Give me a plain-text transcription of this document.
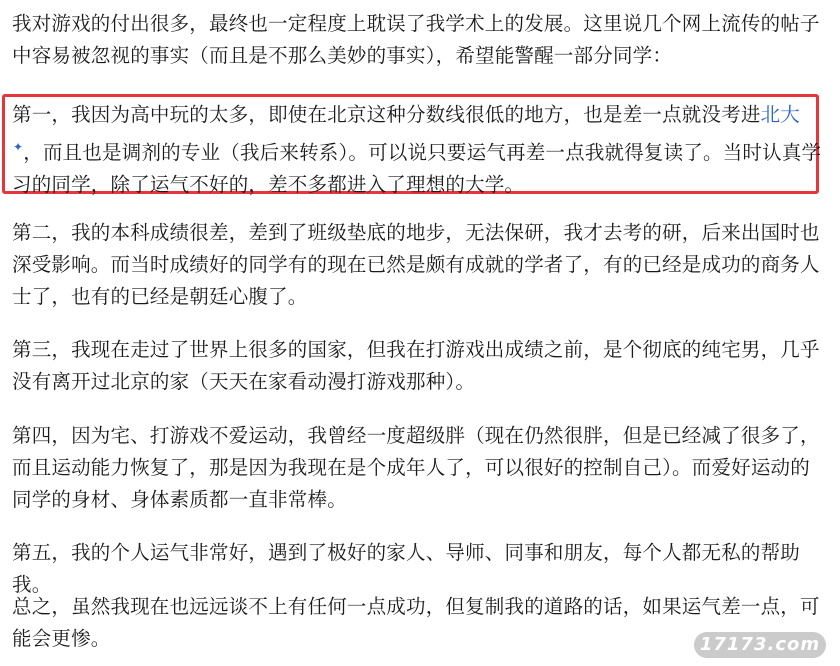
我对游戏的付出很多，最终也一定程度上耽误了我学术上的发展。这里说几个网上流传的帖子中容易被忽视的事实（而且是不那么美妙的事实），希望能警醒一部分同学：

第一，我因为高中玩的太多，即使在北京这种分数线很低的地方，也是差一点就没考进北大✦，而且也是调剂的专业（我后来转系）。可以说只要运气再差一点我就得复读了。当时认真学习的同学，除了运气不好的，差不多都进入了理想的大学。

第二，我的本科成绩很差，差到了班级垫底的地步，无法保研，我才去考的研，后来出国时也深受影响。而当时成绩好的同学有的现在已然是颇有成就的学者了，有的已经是成功的商务人士了，也有的已经是朝廷心腹了。

第三，我现在走过了世界上很多的国家，但我在打游戏出成绩之前，是个彻底的纯宅男，几乎没有离开过北京的家（天天在家看动漫打游戏那种）。

第四，因为宅、打游戏不爱运动，我曾经一度超级胖（现在仍然很胖，但是已经减了很多了，而且运动能力恢复了，那是因为我现在是个成年人了，可以很好的控制自己）。而爱好运动的同学的身材、身体素质都一直非常棒。

第五，我的个人运气非常好，遇到了极好的家人、导师、同事和朋友，每个人都无私的帮助我。

总之，虽然我现在也远远谈不上有任何一点成功，但复制我的道路的话，如果运气差一点，可能会更惨。	17173.com
